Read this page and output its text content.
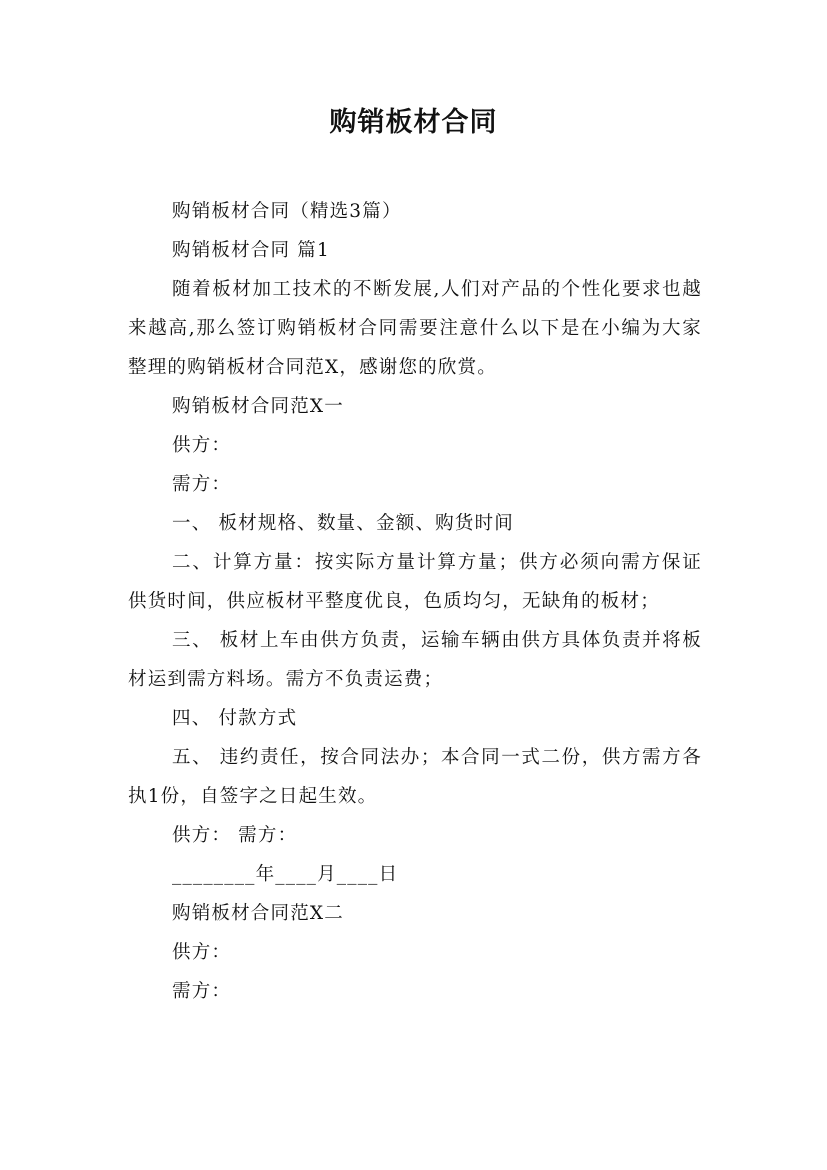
购销板材合同

购销板材合同（精选3篇）

购销板材合同 篇1

随着板材加工技术的不断发展,人们对产品的个性化要求也越来越高,那么签订购销板材合同需要注意什么以下是在小编为大家整理的购销板材合同范X，感谢您的欣赏。

购销板材合同范X一

供方：

需方：

一、 板材规格、数量、金额、购货时间

二、计算方量：按实际方量计算方量；供方必须向需方保证供货时间，供应板材平整度优良，色质均匀，无缺角的板材；

三、 板材上车由供方负责，运输车辆由供方具体负责并将板材运到需方料场。需方不负责运费；

四、 付款方式

五、 违约责任，按合同法办；本合同一式二份，供方需方各执1份，自签字之日起生效。

供方： 需方：

________年____月____日

购销板材合同范X二

供方：

需方：
